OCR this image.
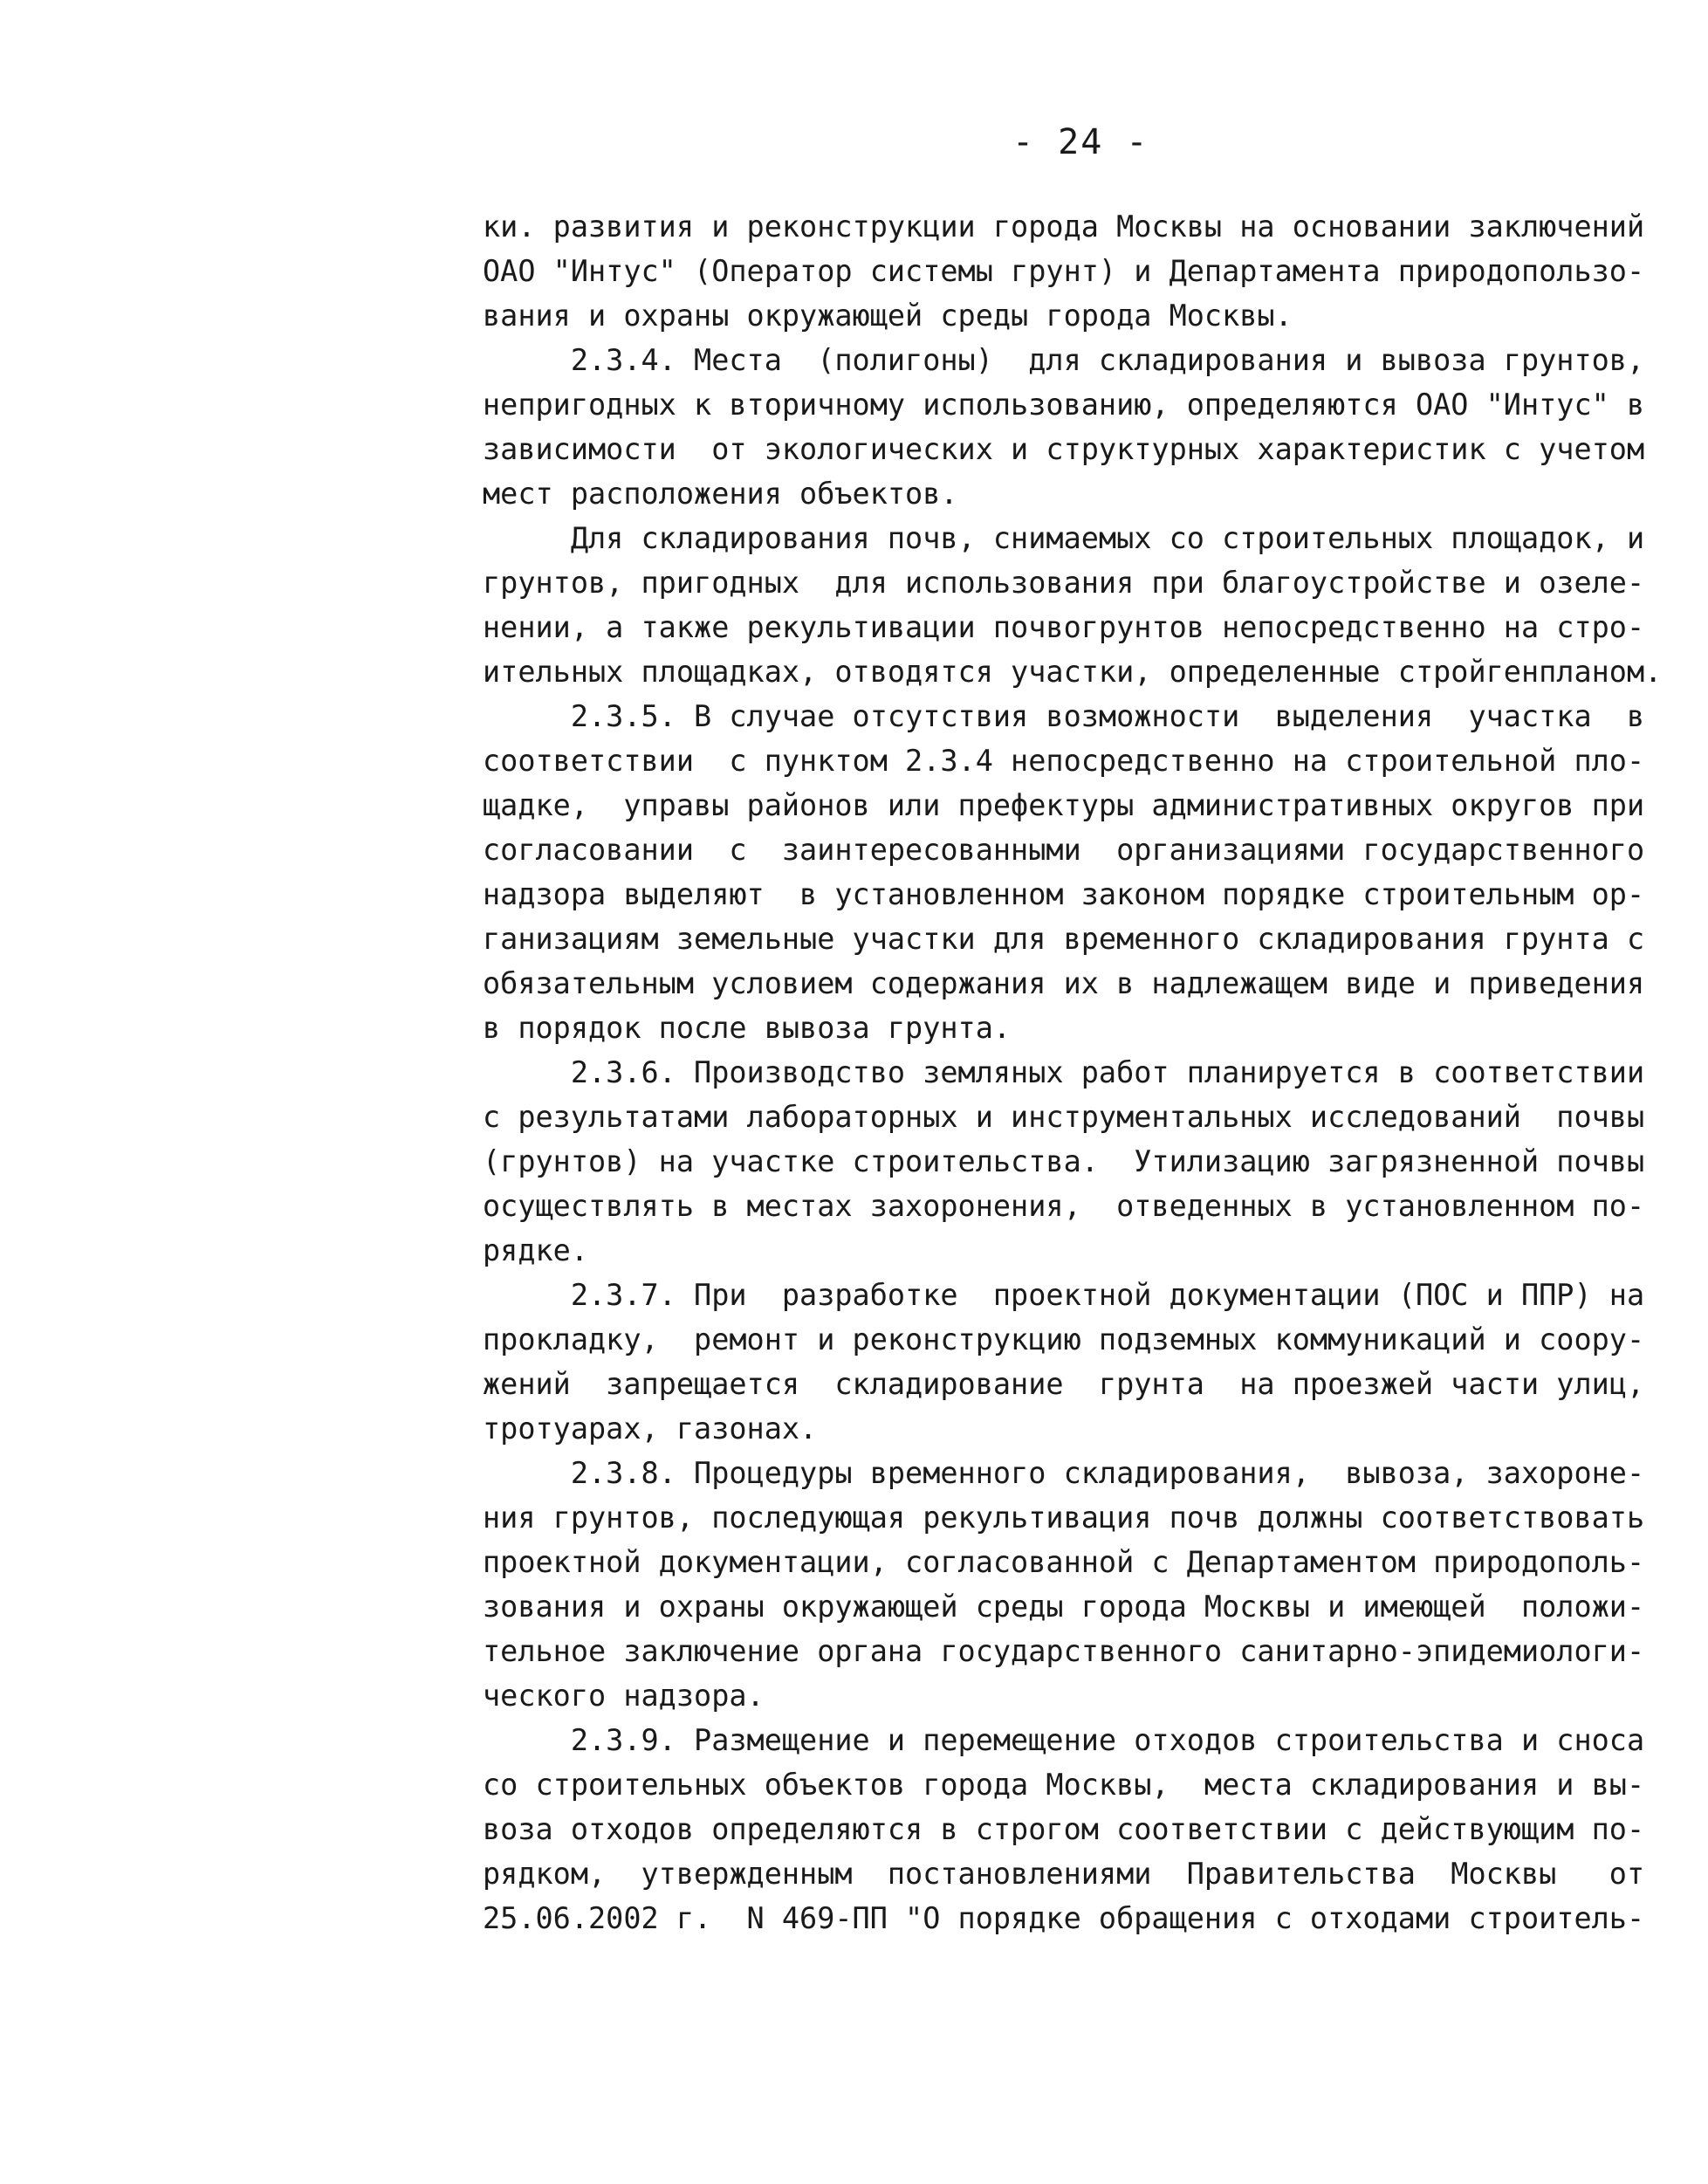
- 24 -
ки. развития и реконструкции города Москвы на основании заключений
ОАО "Интус" (Оператор системы грунт) и Департамента природопользо-
вания и охраны окружающей среды города Москвы.
2.3.4. Места  (полигоны)  для складирования и вывоза грунтов,
непригодных к вторичному использованию, определяются ОАО "Интус" в
зависимости  от экологических и структурных характеристик с учетом
мест расположения объектов.
Для складирования почв, снимаемых со строительных площадок, и
грунтов, пригодных  для использования при благоустройстве и озеле-
нении, а также рекультивации почвогрунтов непосредственно на стро-
ительных площадках, отводятся участки, определенные стройгенпланом.
2.3.5. В случае отсутствия возможности  выделения  участка  в
соответствии  с пунктом 2.3.4 непосредственно на строительной пло-
щадке,  управы районов или префектуры административных округов при
согласовании  с  заинтересованными  организациями государственного
надзора выделяют  в установленном законом порядке строительным ор-
ганизациям земельные участки для временного складирования грунта с
обязательным условием содержания их в надлежащем виде и приведения
в порядок после вывоза грунта.
2.3.6. Производство земляных работ планируется в соответствии
с результатами лабораторных и инструментальных исследований  почвы
(грунтов) на участке строительства.  Утилизацию загрязненной почвы
осуществлять в местах захоронения,  отведенных в установленном по-
рядке.
2.3.7. При  разработке  проектной документации (ПОС и ППР) на
прокладку,  ремонт и реконструкцию подземных коммуникаций и соору-
жений  запрещается  складирование  грунта  на проезжей части улиц,
тротуарах, газонах.
2.3.8. Процедуры временного складирования,  вывоза, захороне-
ния грунтов, последующая рекультивация почв должны соответствовать
проектной документации, согласованной с Департаментом природополь-
зования и охраны окружающей среды города Москвы и имеющей  положи-
тельное заключение органа государственного санитарно-эпидемиологи-
ческого надзора.
2.3.9. Размещение и перемещение отходов строительства и сноса
со строительных объектов города Москвы,  места складирования и вы-
воза отходов определяются в строгом соответствии с действующим по-
рядком,  утвержденным  постановлениями  Правительства  Москвы   от
25.06.2002 г.  N 469-ПП "О порядке обращения с отходами строитель-
